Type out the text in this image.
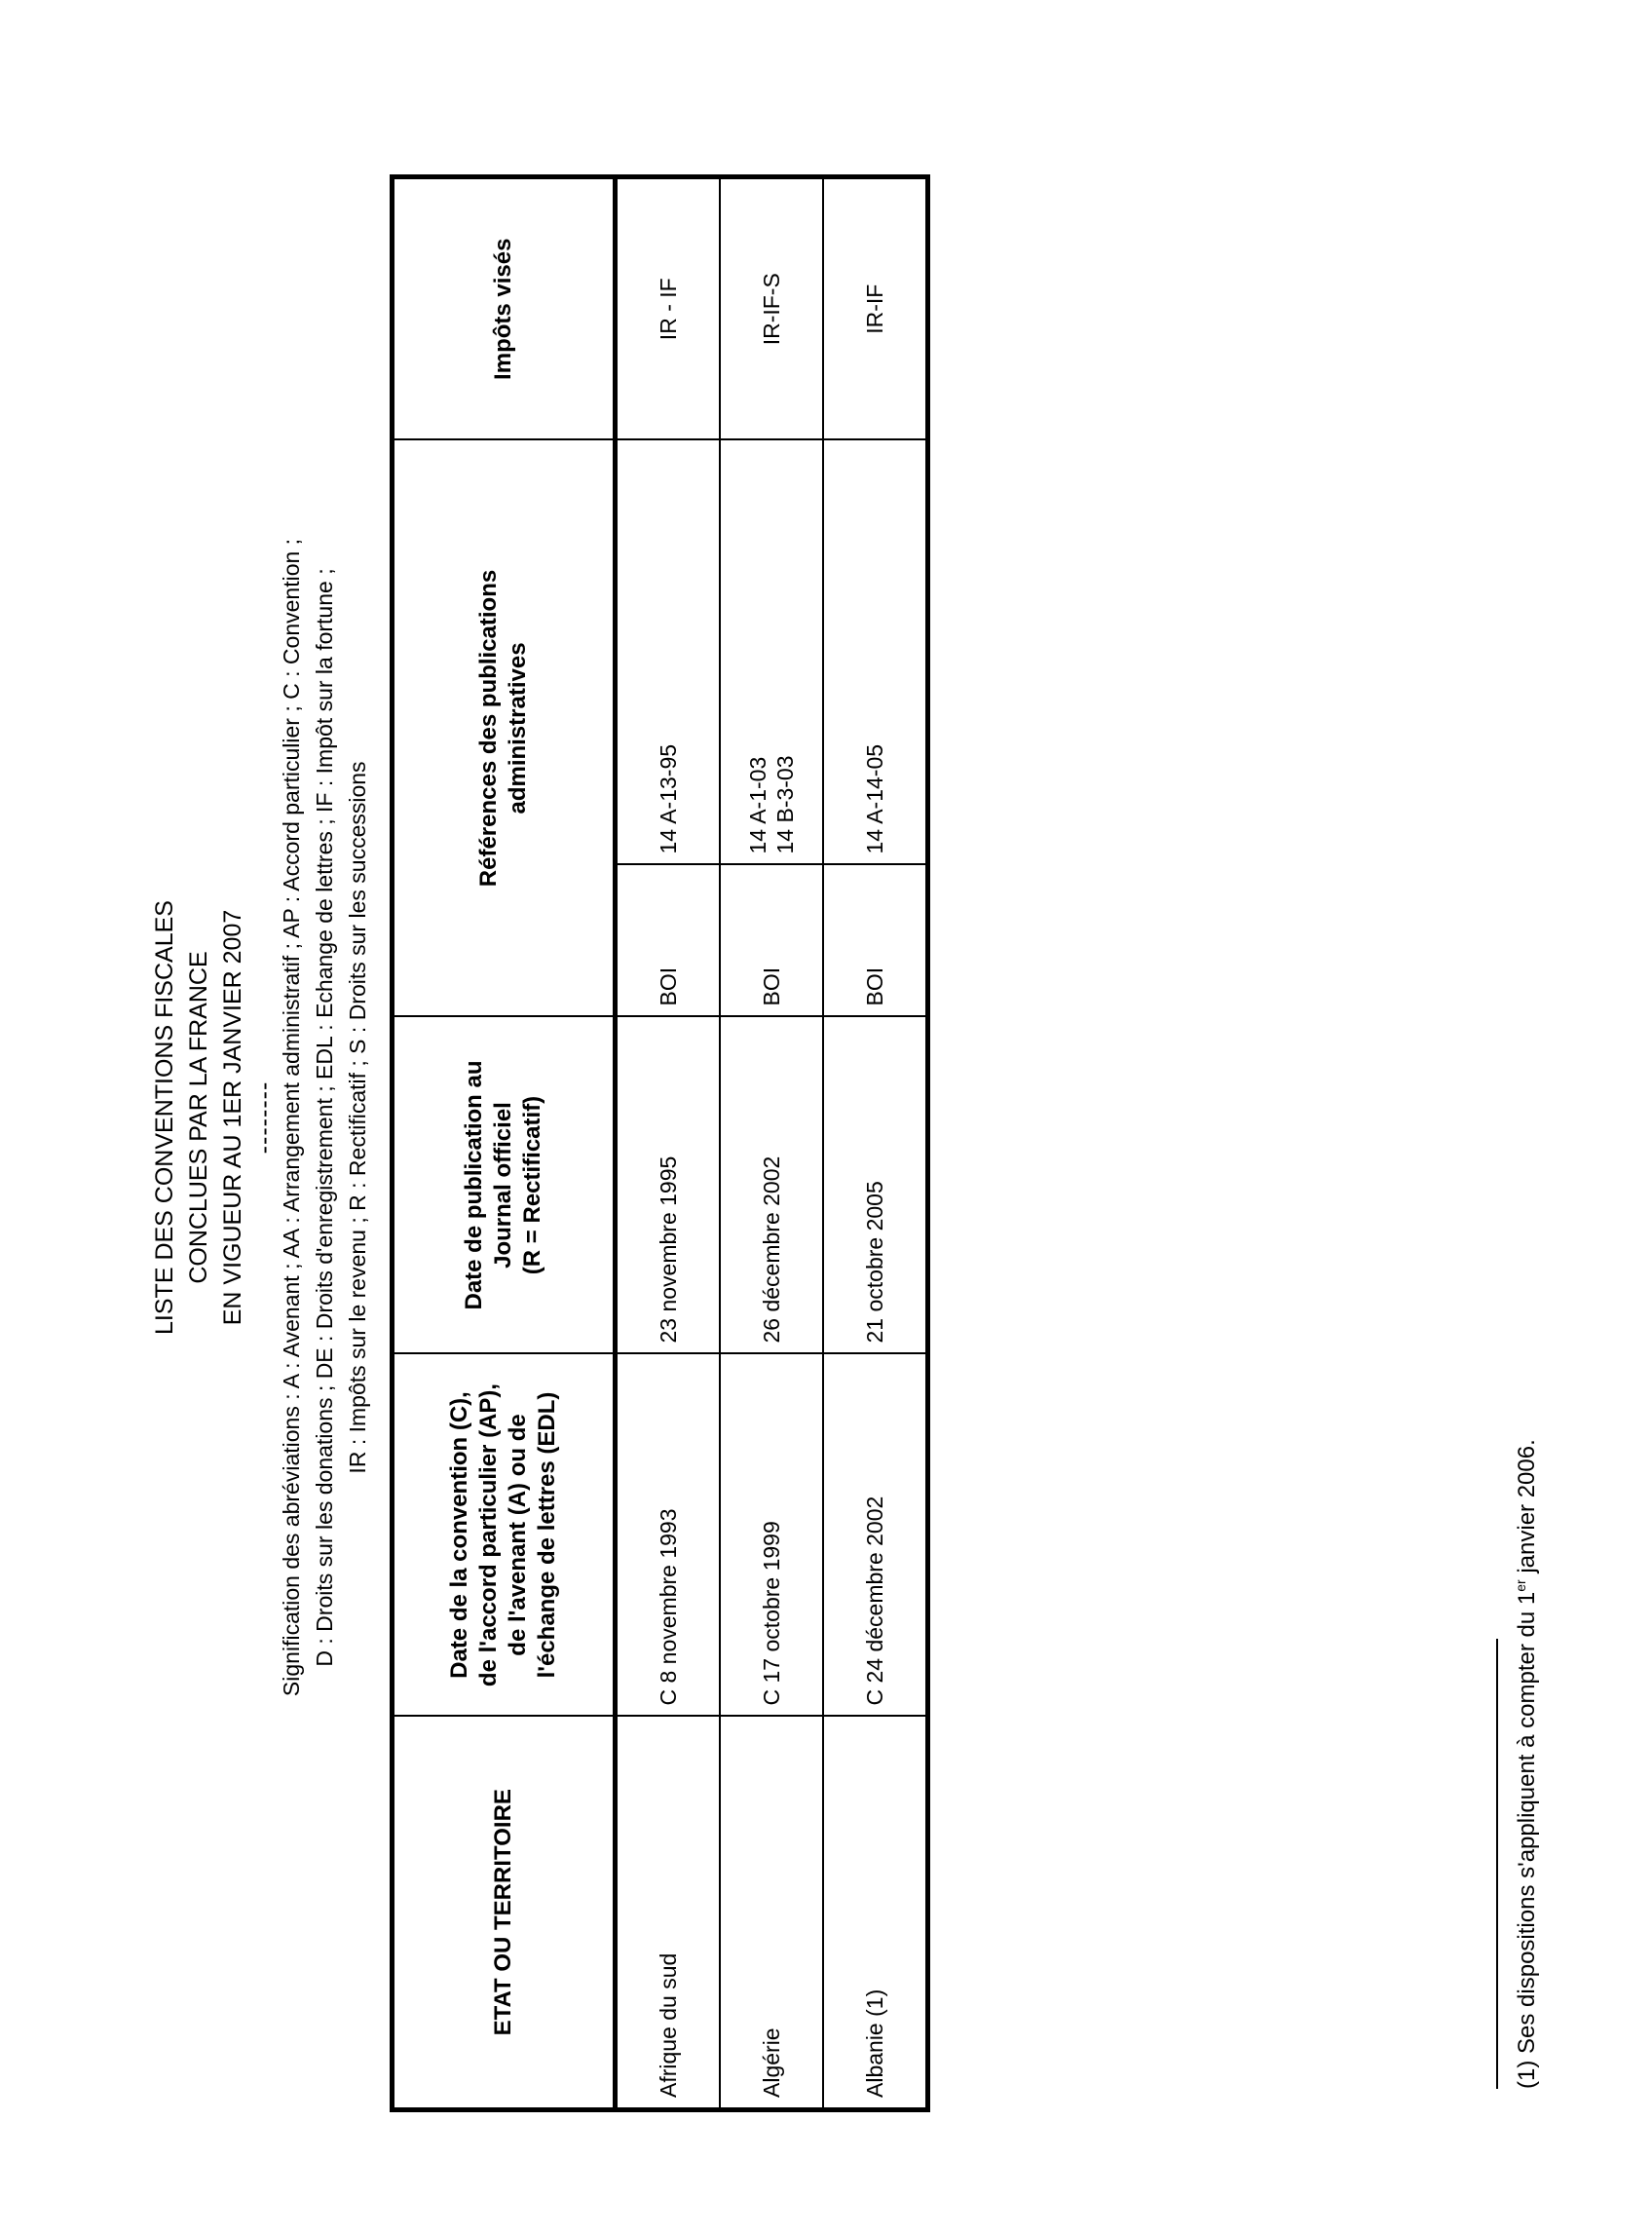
LISTE DES CONVENTIONS FISCALES CONCLUES PAR LA FRANCE EN VIGUEUR AU 1ER JANVIER 2007 -------- Signification des abréviations : A : Avenant ; AA : Arrangement administratif ; AP : Accord particulier ; C : Convention ; D : Droits sur les donations ; DE : Droits d'enregistrement ; EDL : Echange de lettres ; IF : Impôt sur la fortune ; IR : Impôts sur le revenu ; R : Rectificatif ; S : Droits sur les successions
ETAT OU TERRITOIRE	Date de la convention (C), de l'accord particulier (AP), de l'avenant (A) ou de l'échange de lettres (EDL)	Date de publication au Journal officiel (R = Rectificatif)	Références des publications administratives		Impôts visés

Afrique du sud	C 8 novembre 1993	23 novembre 1995	BOI	14 A-13-95	IR - IF
Algérie	C 17 octobre 1999	26 décembre 2002	BOI	14 A-1-03 14 B-3-03	IR-IF-S
Albanie (1)	C 24 décembre 2002	21 octobre 2005	BOI	14 A-14-05	IR-IF
(1) Ses dispositions s'appliquent à compter du 1er janvier 2006.
